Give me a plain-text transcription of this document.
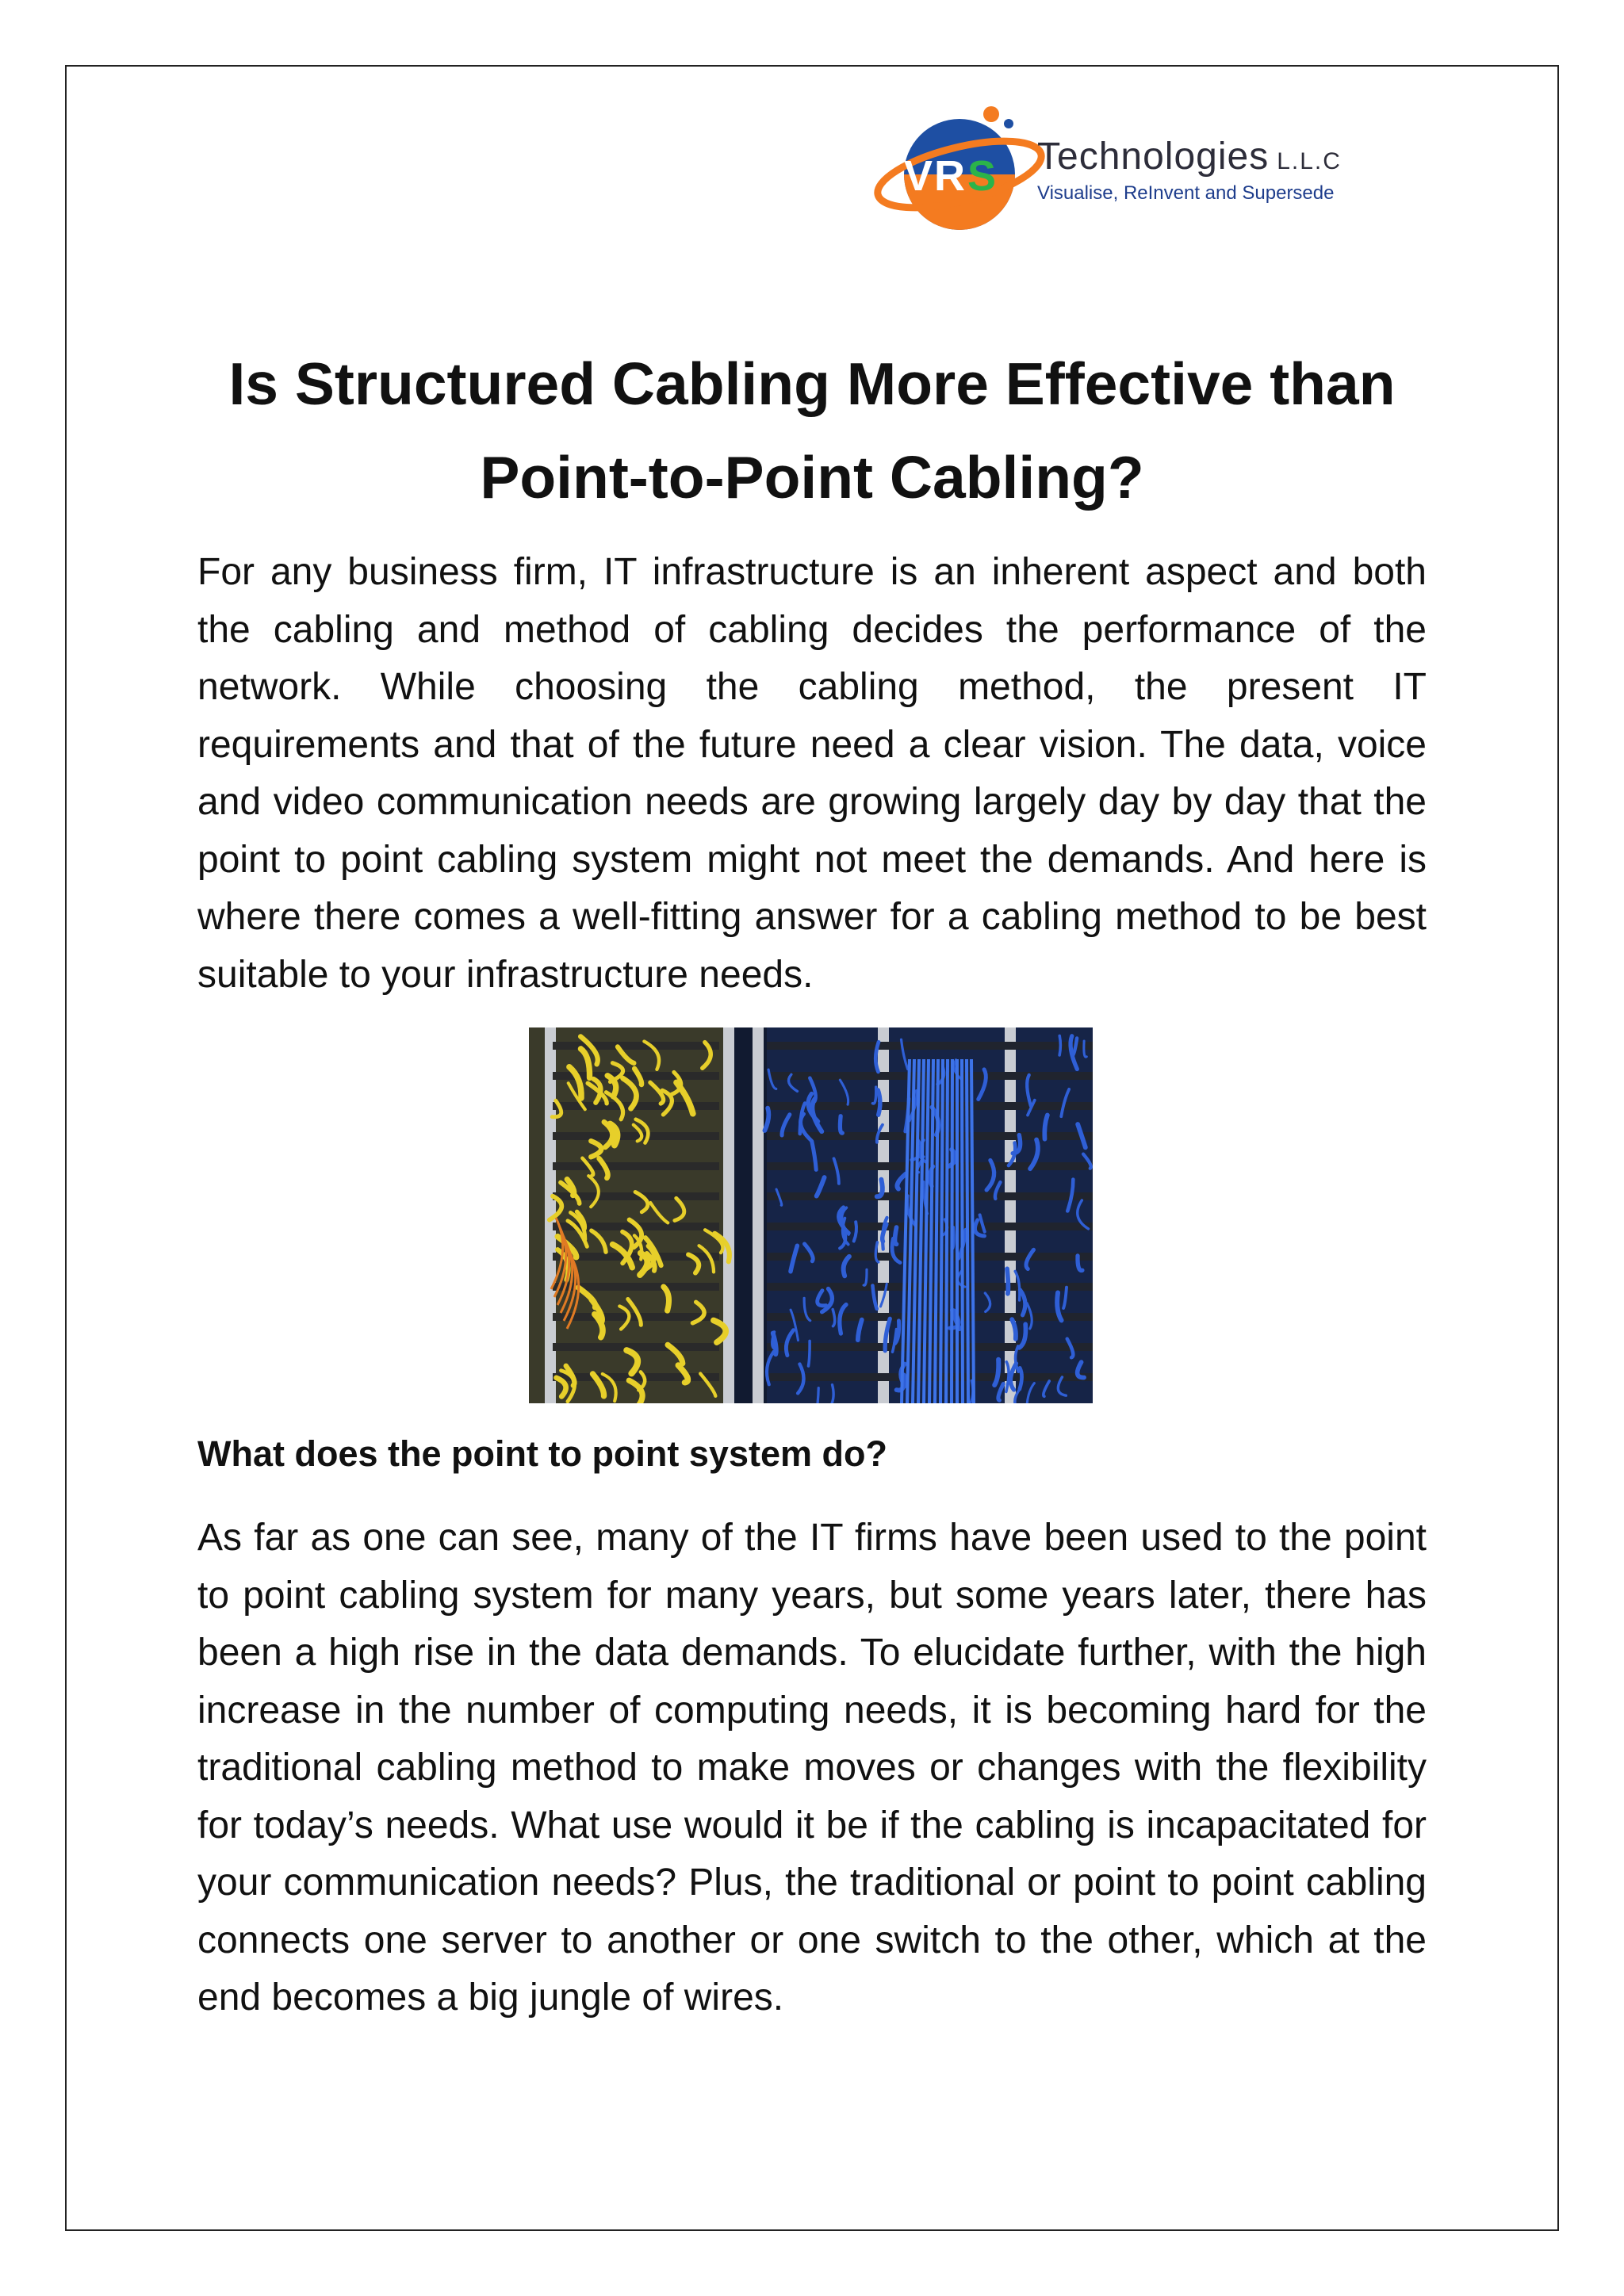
V R S Technologies L.L.C
Visualise, ReInvent and Supersede
Is Structured Cabling More Effective than Point-to-Point Cabling?

For any business firm, IT infrastructure is an inherent aspect and both the cabling and method of cabling decides the performance of the network. While choosing the cabling method, the present IT requirements and that of the future need a clear vision. The data, voice and video communication needs are growing largely day by day that the point to point cabling system might not meet the demands. And here is where there comes a well-fitting answer for a cabling method to be best suitable to your infrastructure needs.

What does the point to point system do?

As far as one can see, many of the IT firms have been used to the point to point cabling system for many years, but some years later, there has been a high rise in the data demands. To elucidate further, with the high increase in the number of computing needs, it is becoming hard for the traditional cabling method to make moves or changes with the flexibility for today’s needs. What use would it be if the cabling is incapacitated for your communication needs? Plus, the traditional or point to point cabling connects one server to another or one switch to the other, which at the end becomes a big jungle of wires.
